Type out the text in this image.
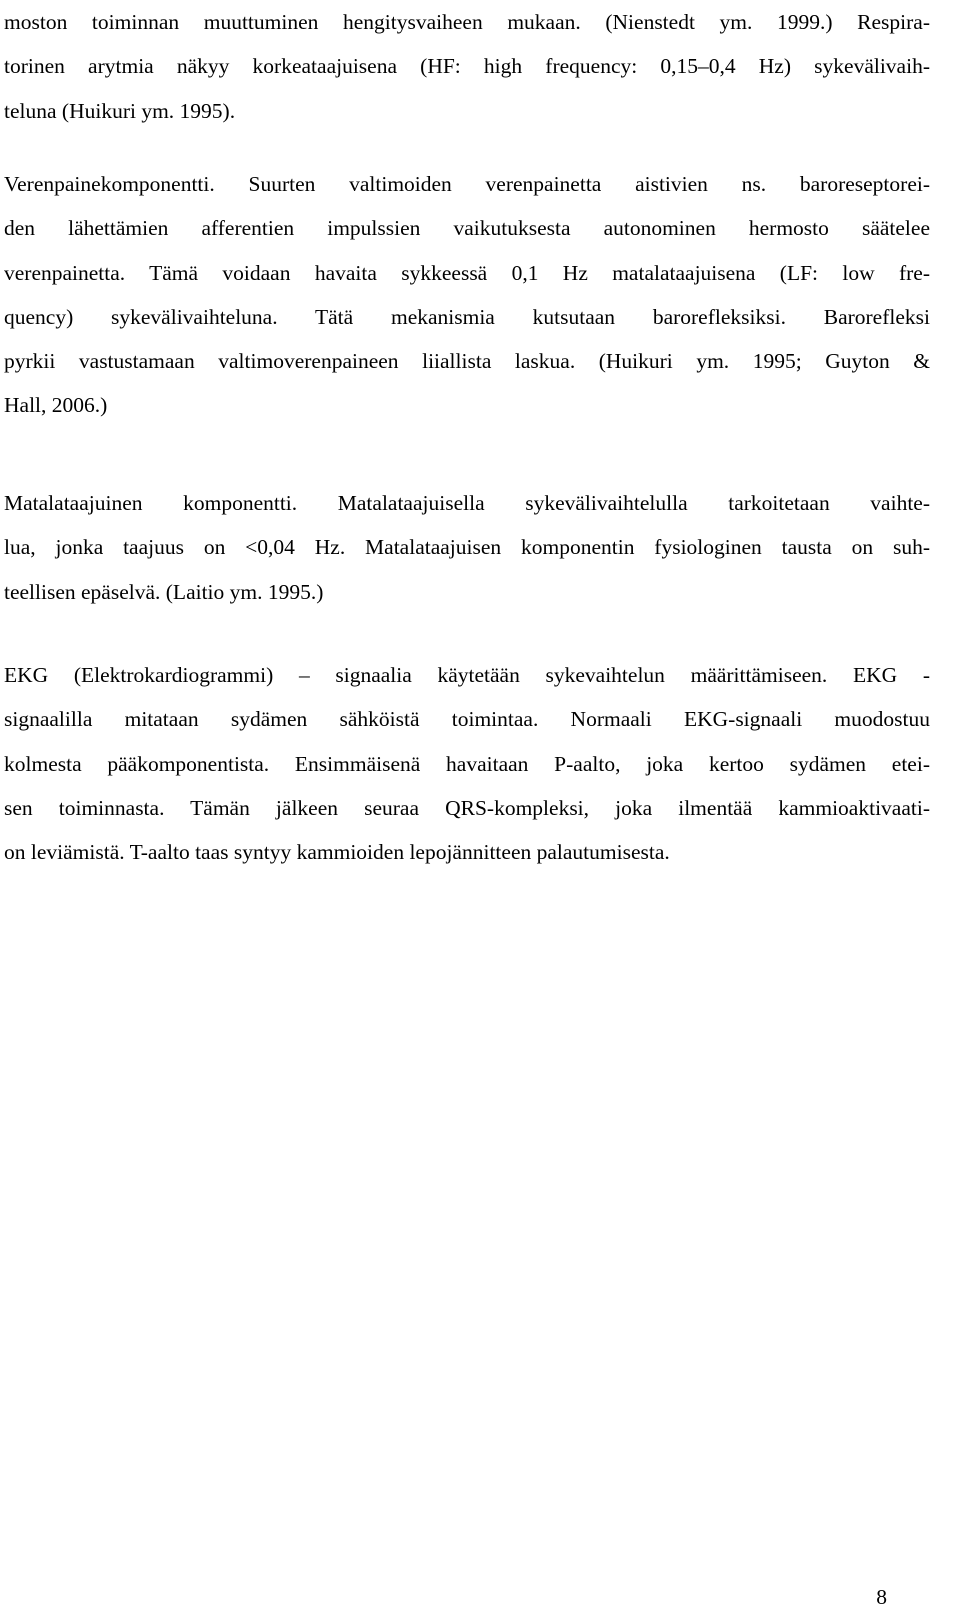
moston toiminnan muuttuminen hengitysvaiheen mukaan. (Nienstedt ym. 1999.) Respira-
torinen arytmia näkyy korkeataajuisena (HF: high frequency: 0,15–0,4 Hz) sykevälivaih-
teluna (Huikuri ym. 1995).
Verenpainekomponentti. Suurten valtimoiden verenpainetta aistivien ns. baroreseptorei-
den lähettämien afferentien impulssien vaikutuksesta autonominen hermosto säätelee
verenpainetta. Tämä voidaan havaita sykkeessä 0,1 Hz matalataajuisena (LF: low fre-
quency) sykevälivaihteluna. Tätä mekanismia kutsutaan barorefleksiksi. Barorefleksi
pyrkii vastustamaan valtimoverenpaineen liiallista laskua. (Huikuri ym. 1995; Guyton &
Hall, 2006.)
Matalataajuinen komponentti. Matalataajuisella sykevälivaihtelulla tarkoitetaan vaihte-
lua, jonka taajuus on <0,04 Hz. Matalataajuisen komponentin fysiologinen tausta on suh-
teellisen epäselvä. (Laitio ym. 1995.)
EKG (Elektrokardiogrammi) – signaalia käytetään sykevaihtelun määrittämiseen. EKG -
signaalilla mitataan sydämen sähköistä toimintaa. Normaali EKG-signaali muodostuu
kolmesta pääkomponentista. Ensimmäisenä havaitaan P-aalto, joka kertoo sydämen etei-
sen toiminnasta. Tämän jälkeen seuraa QRS-kompleksi, joka ilmentää kammioaktivaati-
on leviämistä. T-aalto taas syntyy kammioiden lepojännitteen palautumisesta.
8
